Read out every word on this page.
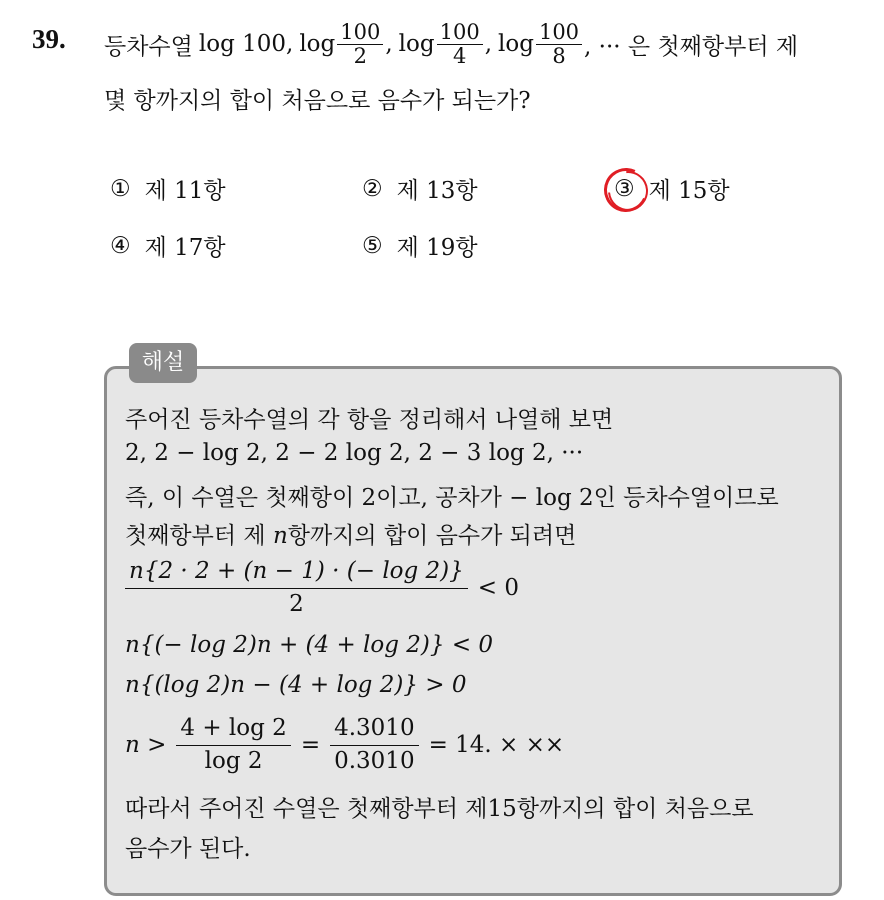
39. 등차수열 log 100, $\log \frac{100}{2}$ , $\log \frac{100}{4}$ , $\log \frac{100}{8}$ , ··· 은 첫째항부터 제
몇 항까지의 합이 처음으로 음수가 되는가?
① 제 11항	② 제 13항	③ 제 15항
④ 제 17항	⑤ 제 19항
해설
주어진 등차수열의 각 항을 정리해서 나열해 보면
2, 2 − log 2, 2 − 2 log 2, 2 − 3 log 2, ···
즉, 이 수열은 첫째항이 2이고, 공차가 − log 2인 등차수열이므로
첫째항부터 제 n항까지의 합이 음수가 되려면
$\frac{n\{2 \cdot 2 + (n - 1) \cdot (- \log 2)\}}{2} < 0$
n{(− log 2)n + (4 + log 2)} < 0
n{(log 2)n − (4 + log 2)} > 0
$n > \frac{4 + \log 2}{\log 2} = \frac{4.3010}{0.3010} = 14$. × ××
따라서 주어진 수열은 첫째항부터 제15항까지의 합이 처음으로
음수가 된다.
